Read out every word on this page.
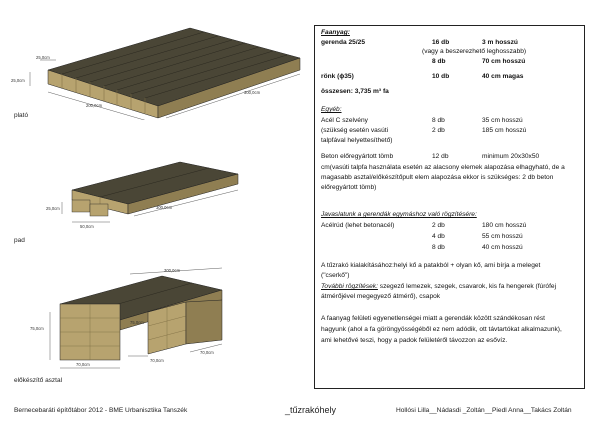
25,0cm
25,0cm
200,0cm
300,0cm
plató
300,0cm
25,0cm
50,0cm
pad
300,0cm
75,0cm
75,0cm
70,0cm
70,0cm
70,0cm
előkészítő asztal
Faanyag:
gerenda 25/25	16 db	3 m hosszú
(vagy a beszerezhető leghosszabb)
8 db	70 cm hosszú
rönk (ϕ35)	10 db	40 cm magas
összesen: 3,735 m³ fa
Egyéb:
Acél C szelvény	8 db	35 cm hosszú
(szükség esetén vasúti	2 db	185 cm hosszú
talpfával helyettesíthető)
Beton előregyártott tömb	12 db	minimum 20x30x50
cm(vasúti talpfa használata esetén az alacsony elemek alapozása elhagyható, de a magasabb asztal/előkészítőpult elem alapozása ekkor is szükséges: 2 db beton előregyártott tömb)
Javaslatunk a gerendák egymáshoz való rögzítésére:
Acélrúd (lehet betonacél)	2 db	180 cm hosszú
4 db	55 cm hosszú
8 db	40 cm hosszú
A tűzrakó kialakításához:helyi kő a patakból + olyan kő, ami bírja a meleget ("cserkő")
További rögzítések: szegező lemezek, szegek, csavarok, kis fa hengerek (fúrófej átmérőjével megegyező átmérő), csapok
A faanyag felületi egyenetlenségei miatt a gerendák között szándékosan rést hagyunk (ahol a fa göröngyösségéből ez nem adódik, ott távtartókat alkalmazunk), ami lehetővé teszi, hogy a padok felületéről távozzon az esővíz.
Bernecebaráti építőtábor 2012 - BME Urbanisztika Tanszék	_tűzrakóhely	Hollósi Lilla__Nádasdi _Zoltán__Piedl Anna__Takács Zoltán
